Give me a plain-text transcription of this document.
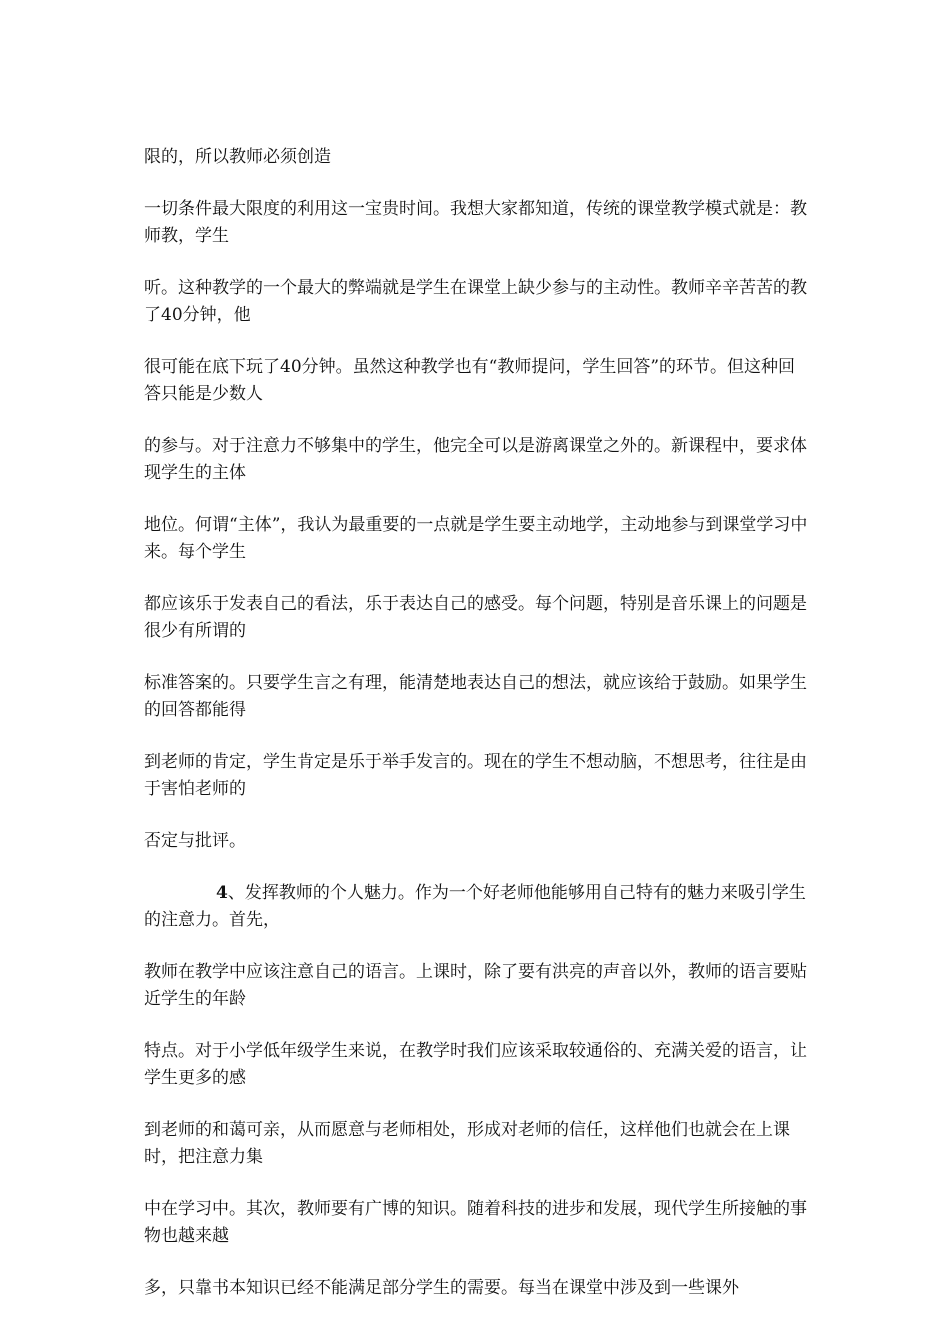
限的，所以教师必须创造

一切条件最大限度的利用这一宝贵时间。我想大家都知道，传统的课堂教学模式就是：教师教，学生

听。这种教学的一个最大的弊端就是学生在课堂上缺少参与的主动性。教师辛辛苦苦的教了40分钟，他

很可能在底下玩了40分钟。虽然这种教学也有“教师提问，学生回答”的环节。但这种回答只能是少数人

的参与。对于注意力不够集中的学生，他完全可以是游离课堂之外的。新课程中，要求体现学生的主体

地位。何谓“主体”，我认为最重要的一点就是学生要主动地学，主动地参与到课堂学习中来。每个学生

都应该乐于发表自己的看法，乐于表达自己的感受。每个问题，特别是音乐课上的问题是很少有所谓的

标准答案的。只要学生言之有理，能清楚地表达自己的想法，就应该给于鼓励。如果学生的回答都能得

到老师的肯定，学生肯定是乐于举手发言的。现在的学生不想动脑，不想思考，往往是由于害怕老师的

否定与批评。

4、发挥教师的个人魅力。作为一个好老师他能够用自己特有的魅力来吸引学生的注意力。首先，

教师在教学中应该注意自己的语言。上课时，除了要有洪亮的声音以外，教师的语言要贴近学生的年龄

特点。对于小学低年级学生来说，在教学时我们应该采取较通俗的、充满关爱的语言，让学生更多的感

到老师的和蔼可亲，从而愿意与老师相处，形成对老师的信任，这样他们也就会在上课时，把注意力集

中在学习中。其次，教师要有广博的知识。随着科技的进步和发展，现代学生所接触的事物也越来越

多，只靠书本知识已经不能满足部分学生的需要。每当在课堂中涉及到一些课外
